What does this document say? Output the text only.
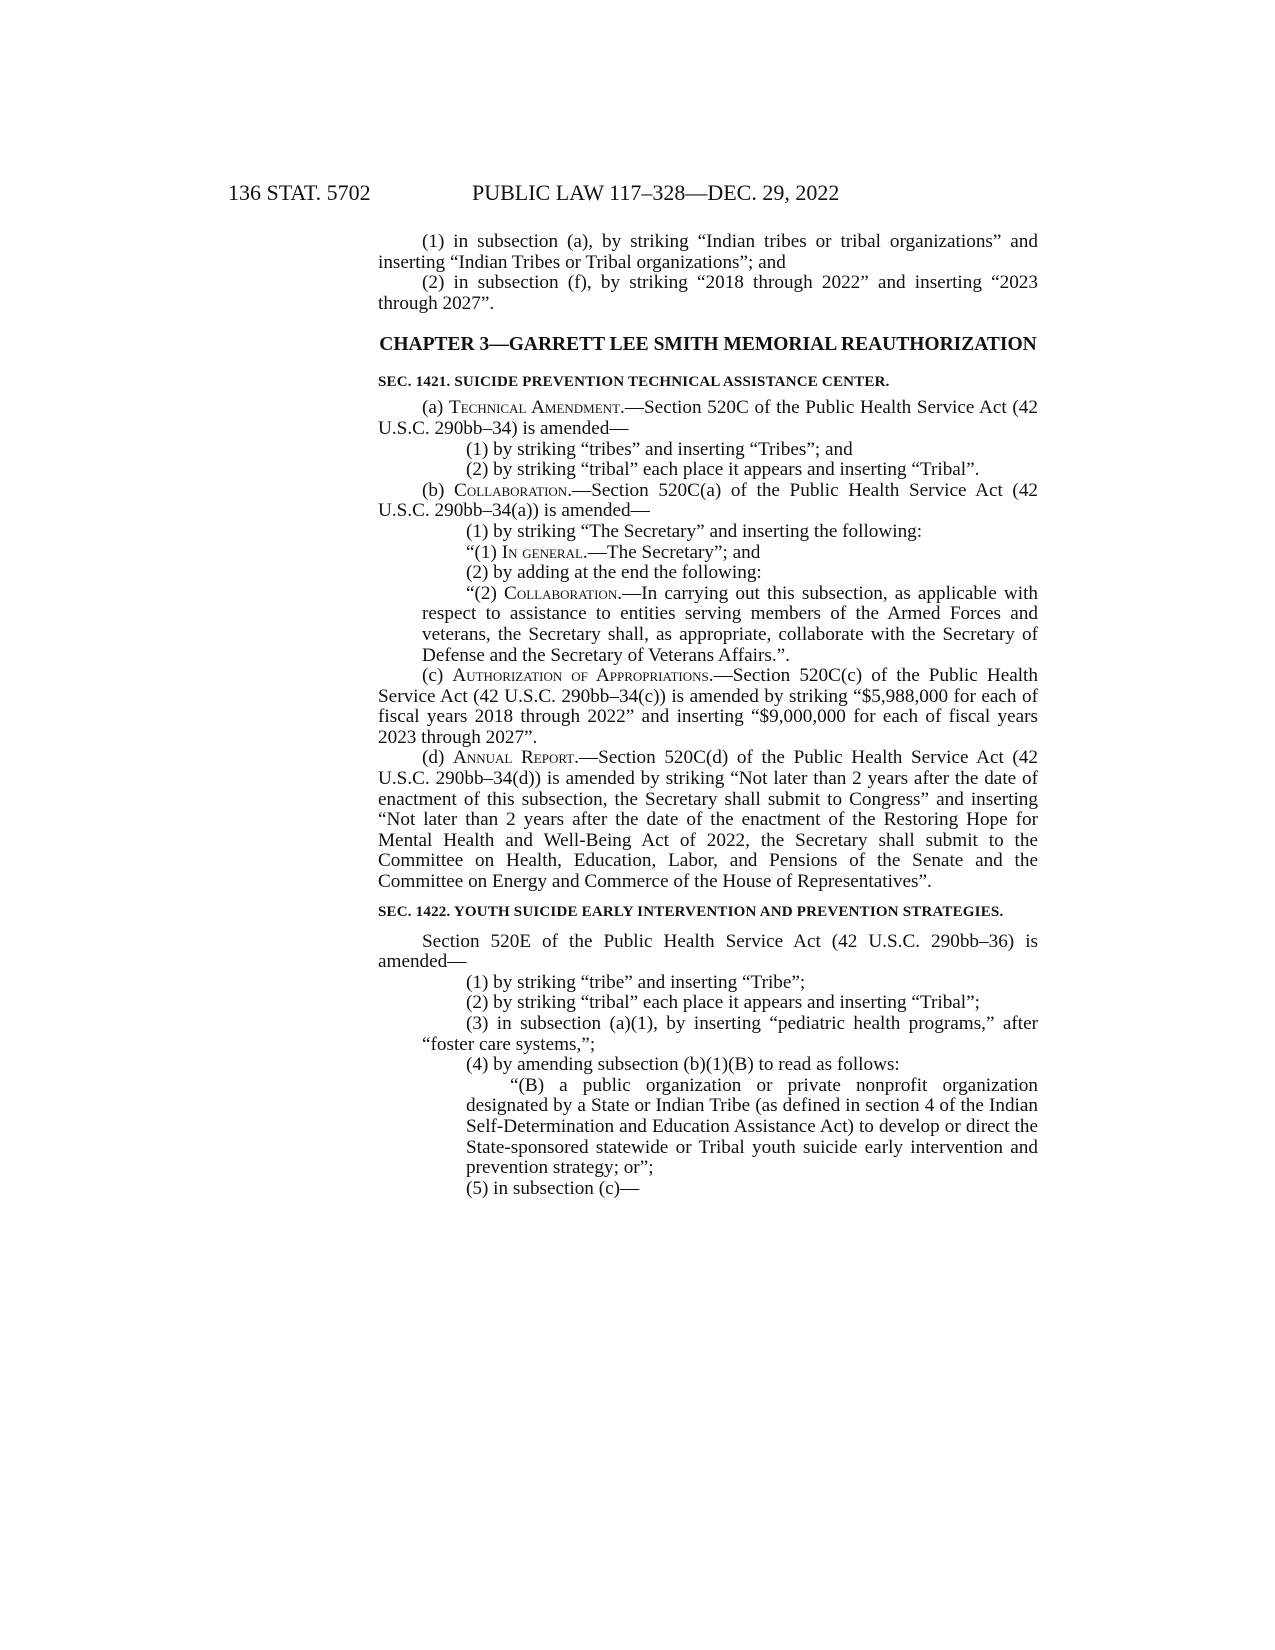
136 STAT. 5702	PUBLIC LAW 117–328—DEC. 29, 2022

(1) in subsection (a), by striking “Indian tribes or tribal organizations” and inserting “Indian Tribes or Tribal organizations”; and

(2) in subsection (f), by striking “2018 through 2022” and inserting “2023 through 2027”.

CHAPTER 3—GARRETT LEE SMITH MEMORIAL REAUTHORIZATION
SEC. 1421. SUICIDE PREVENTION TECHNICAL ASSISTANCE CENTER.

(a) Technical Amendment.—Section 520C of the Public Health Service Act (42 U.S.C. 290bb–34) is amended—

(1) by striking “tribes” and inserting “Tribes”; and

(2) by striking “tribal” each place it appears and inserting “Tribal”.

(b) Collaboration.—Section 520C(a) of the Public Health Service Act (42 U.S.C. 290bb–34(a)) is amended—

(1) by striking “The Secretary” and inserting the following:

“(1) In general.—The Secretary”; and

(2) by adding at the end the following:

“(2) Collaboration.—In carrying out this subsection, as applicable with respect to assistance to entities serving members of the Armed Forces and veterans, the Secretary shall, as appropriate, collaborate with the Secretary of Defense and the Secretary of Veterans Affairs.”.

(c) Authorization of Appropriations.—Section 520C(c) of the Public Health Service Act (42 U.S.C. 290bb–34(c)) is amended by striking “$5,988,000 for each of fiscal years 2018 through 2022” and inserting “$9,000,000 for each of fiscal years 2023 through 2027”.

(d) Annual Report.—Section 520C(d) of the Public Health Service Act (42 U.S.C. 290bb–34(d)) is amended by striking “Not later than 2 years after the date of enactment of this subsection, the Secretary shall submit to Congress” and inserting “Not later than 2 years after the date of the enactment of the Restoring Hope for Mental Health and Well-Being Act of 2022, the Secretary shall submit to the Committee on Health, Education, Labor, and Pensions of the Senate and the Committee on Energy and Commerce of the House of Representatives”.

SEC. 1422. YOUTH SUICIDE EARLY INTERVENTION AND PREVENTION STRATEGIES.

Section 520E of the Public Health Service Act (42 U.S.C. 290bb–36) is amended—

(1) by striking “tribe” and inserting “Tribe”;

(2) by striking “tribal” each place it appears and inserting “Tribal”;

(3) in subsection (a)(1), by inserting “pediatric health programs,” after “foster care systems,”;

(4) by amending subsection (b)(1)(B) to read as follows:

“(B) a public organization or private nonprofit organization designated by a State or Indian Tribe (as defined in section 4 of the Indian Self-Determination and Education Assistance Act) to develop or direct the State-sponsored statewide or Tribal youth suicide early intervention and prevention strategy; or”;

(5) in subsection (c)—
